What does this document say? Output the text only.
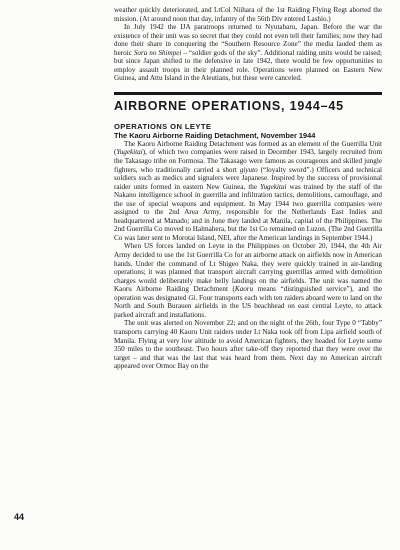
weather quickly deteriorated, and LtCol Niihara of the 1st Raiding Flying Regt aborted the mission. (At around noon that day, infantry of the 56th Div entered Lashio.)

In July 1942 the IJA paratroops returned to Nyutabaru, Japan. Before the war the existence of their unit was so secret that they could not even tell their families; now they had done their share in conquering the “Southern Resource Zone” the media lauded them as heroic Sora no Shimpei – “soldier gods of the sky”. Additional raiding units would be raised; but since Japan shifted to the defensive in late 1942, there would be few opportunities to employ assault troops in their planned role. Operations were planned on Eastern New Guinea, and Attu Island in the Aleutians, but these were canceled.

AIRBORNE OPERATIONS, 1944–45
OPERATIONS ON LEYTE
The Kaoru Airborne Raiding Detachment, November 1944

The Kaoru Airborne Raiding Detachment was formed as an element of the Guerrilla Unit (Yugekitai), of which two companies were raised in December 1943, largely recruited from the Takasago tribe on Formosa. The Takasago were famous as courageous and skilled jungle fighters, who traditionally carried a short giyuto (“loyalty sword”.) Officers and technical soldiers such as medics and signalers were Japanese. Inspired by the success of provisional raider units formed in eastern New Guinea, the Yugekitai was trained by the staff of the Nakano intelligence school in guerrilla and infiltration tactics, demolitions, camouflage, and the use of special weapons and equipment. In May 1944 two guerrilla companies were assigned to the 2nd Area Army, responsible for the Netherlands East Indies and headquartered at Manado; and in June they landed at Manila, capital of the Philippines. The 2nd Guerrilla Co moved to Halmahera, but the 1st Co remained on Luzon. (The 2nd Guerrilla Co was later sent to Morotai Island, NEI, after the American landings in September 1944.)

When US forces landed on Leyte in the Philippines on October 20, 1944, the 4th Air Army decided to use the 1st Guerrilla Co for an airborne attack on airfields now in American hands. Under the command of Lt Shigeo Naka, they were quickly trained in air-landing operations; it was planned that transport aircraft carrying guerrillas armed with demolition charges would deliberately make belly landings on the airfields. The unit was named the Kaoru Airborne Raiding Detachment (Kaoru means “distinguished service”), and the operation was designated Gi. Four transports each with ten raiders aboard were to land on the North and South Burauen airfields in the US beachhead on east central Leyte, to attack parked aircraft and installations.

The unit was alerted on November 22; and on the night of the 26th, four Type 0 “Tabby” transports carrying 40 Kaoru Unit raiders under Lt Naka took off from Lipa airfield south of Manila. Flying at very low altitude to avoid American fighters, they headed for Leyte some 350 miles to the southeast. Two hours after take-off they reported that they were over the target – and that was the last that was heard from them. Next day no American aircraft appeared over Ormoc Bay on the

44
